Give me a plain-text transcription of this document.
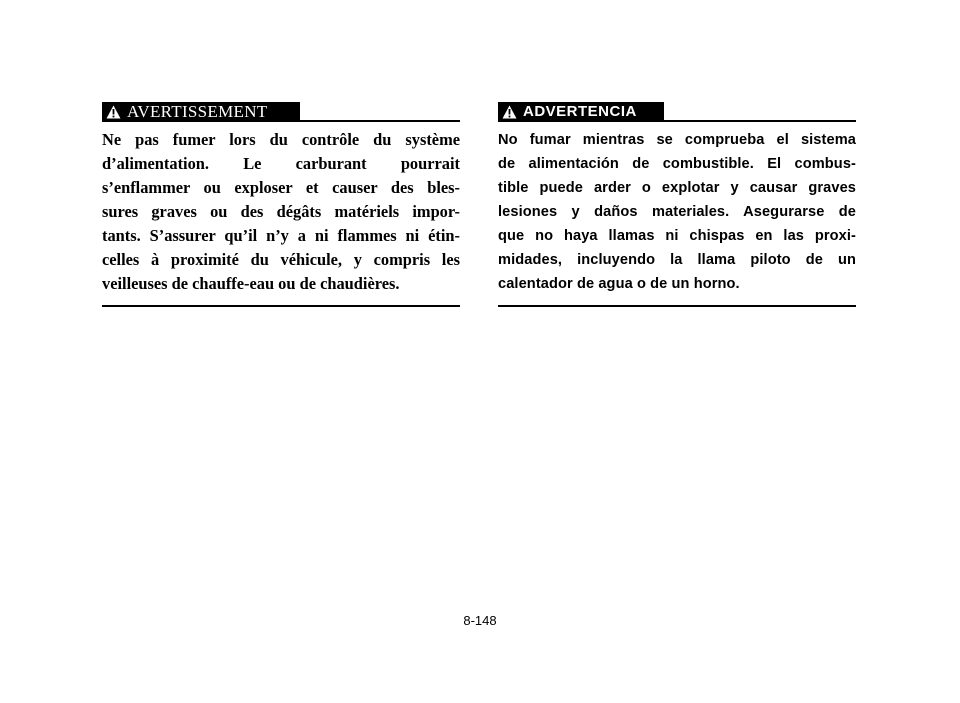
AVERTISSEMENT

Ne pas fumer lors du contrôle du système
d’alimentation. Le carburant pourrait
s’enflammer ou exploser et causer des bles-
sures graves ou des dégâts matériels impor-
tants. S’assurer qu’il n’y a ni flammes ni étin-
celles à proximité du véhicule, y compris les
veilleuses de chauffe-eau ou de chaudières.

ADVERTENCIA

No fumar mientras se comprueba el sistema
de alimentación de combustible. El combus-
tible puede arder o explotar y causar graves
lesiones y daños materiales. Asegurarse de
que no haya llamas ni chispas en las proxi-
midades, incluyendo la llama piloto de un
calentador de agua o de un horno.

8-148
